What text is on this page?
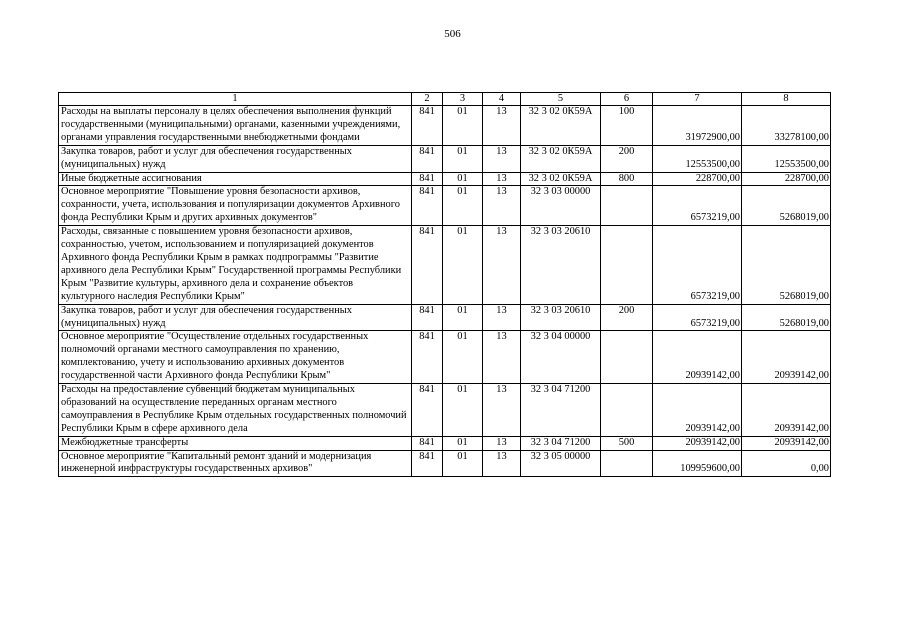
506
1	2	3	4	5	6	7	8
Расходы на выплаты персоналу в целях обеспечения выполнения функций государственными (муниципальными) органами, казенными учреждениями, органами управления государственными внебюджетными фондами	841	01	13	32 3 02 0К59А	100	31972900,00	33278100,00
Закупка товаров, работ и услуг для обеспечения государственных (муниципальных) нужд	841	01	13	32 3 02 0К59А	200	12553500,00	12553500,00
Иные бюджетные ассигнования	841	01	13	32 3 02 0К59А	800	228700,00	228700,00
Основное мероприятие "Повышение уровня безопасности архивов, сохранности, учета, использования и популяризации документов Архивного фонда Республики Крым и других архивных документов"	841	01	13	32 3 03 00000		6573219,00	5268019,00
Расходы, связанные с повышением уровня безопасности архивов, сохранностью, учетом, использованием и популяризацией документов Архивного фонда Республики Крым в рамках подпрограммы "Развитие архивного дела Республики Крым" Государственной программы Республики Крым "Развитие культуры, архивного дела и сохранение объектов культурного наследия Республики Крым"	841	01	13	32 3 03 20610		6573219,00	5268019,00
Закупка товаров, работ и услуг для обеспечения государственных (муниципальных) нужд	841	01	13	32 3 03 20610	200	6573219,00	5268019,00
Основное мероприятие "Осуществление отдельных государственных полномочий органами местного самоуправления по хранению, комплектованию, учету и использованию архивных документов государственной части Архивного фонда Республики Крым"	841	01	13	32 3 04 00000		20939142,00	20939142,00
Расходы на предоставление субвенций бюджетам муниципальных образований на осуществление переданных органам местного самоуправления в Республике Крым отдельных государственных полномочий Республики Крым в сфере архивного дела	841	01	13	32 3 04 71200		20939142,00	20939142,00
Межбюджетные трансферты	841	01	13	32 3 04 71200	500	20939142,00	20939142,00
Основное мероприятие "Капитальный ремонт зданий и модернизация инженерной инфраструктуры государственных архивов"	841	01	13	32 3 05 00000		109959600,00	0,00
